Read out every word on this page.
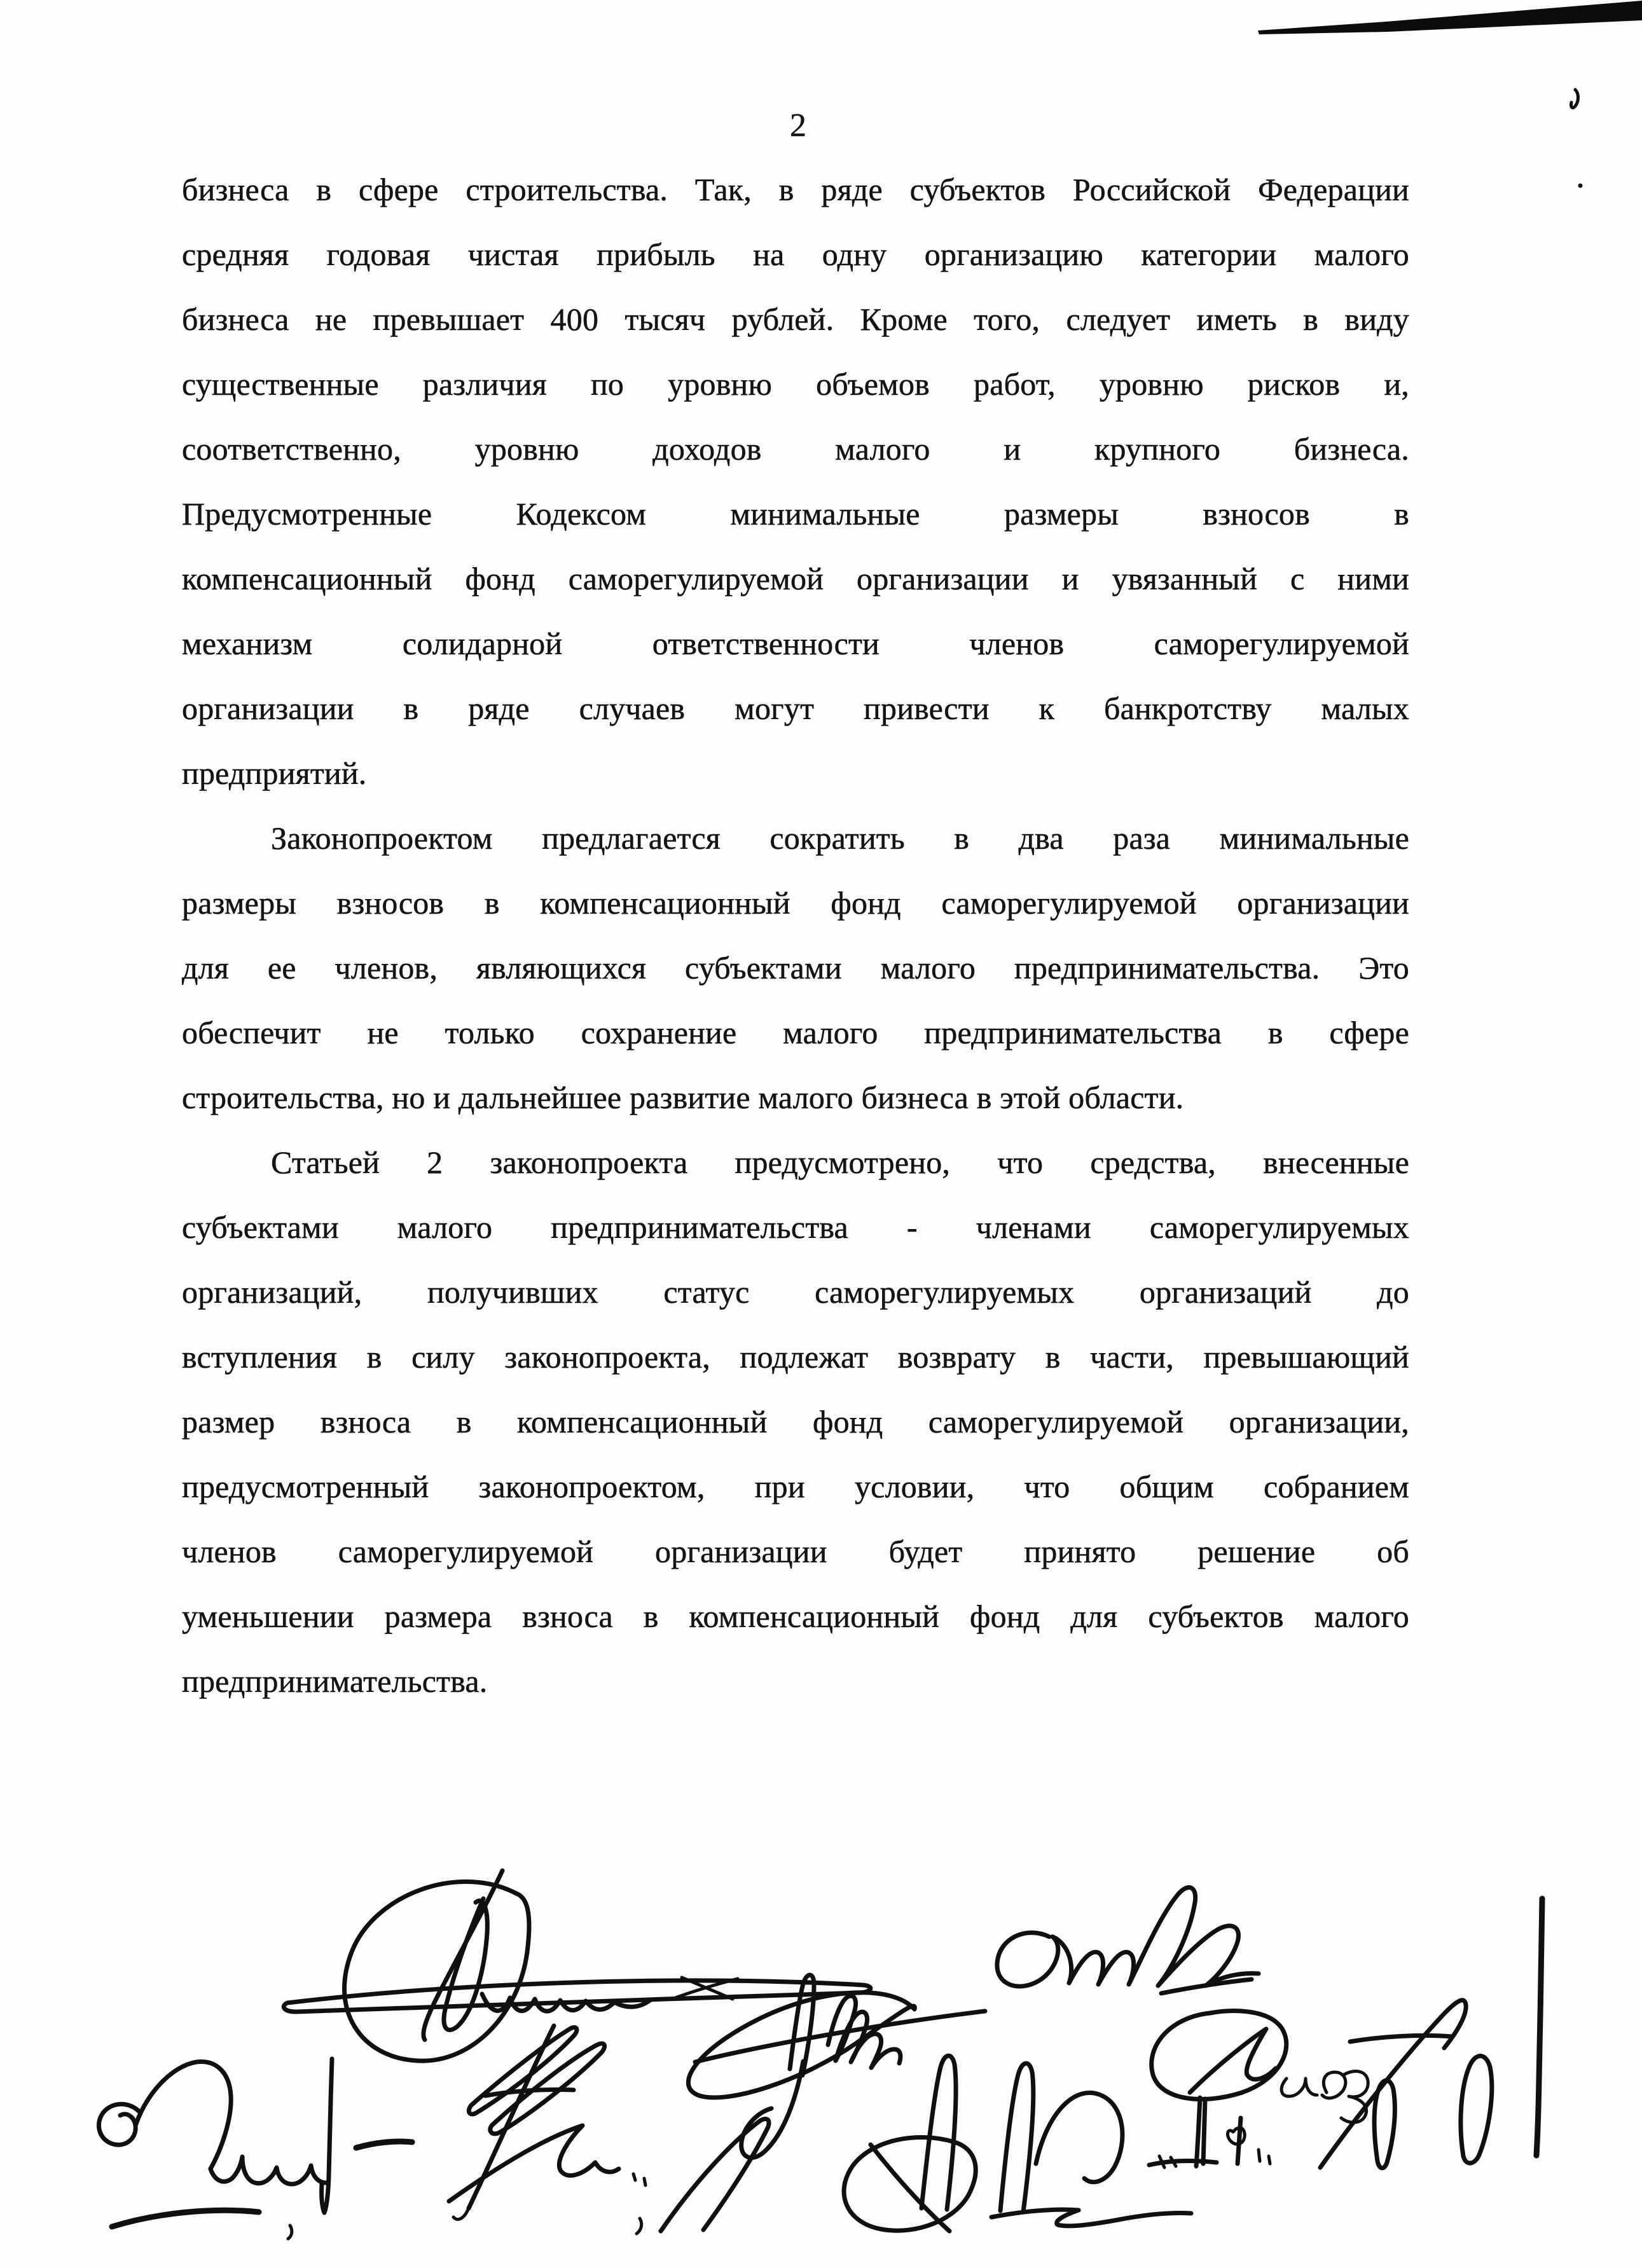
2
бизнеса в сфере строительства. Так, в ряде субъектов Российской Федерации
средняя годовая чистая прибыль на одну организацию категории малого
бизнеса не превышает 400 тысяч рублей. Кроме того, следует иметь в виду
существенные различия по уровню объемов работ, уровню рисков и,
соответственно, уровню доходов малого и крупного бизнеса.
Предусмотренные Кодексом минимальные размеры взносов в
компенсационный фонд саморегулируемой организации и увязанный с ними
механизм солидарной ответственности членов саморегулируемой
организации в ряде случаев могут привести к банкротству малых
предприятий.
Законопроектом предлагается сократить в два раза минимальные
размеры взносов в компенсационный фонд саморегулируемой организации
для ее членов, являющихся субъектами малого предпринимательства. Это
обеспечит не только сохранение малого предпринимательства в сфере
строительства, но и дальнейшее развитие малого бизнеса в этой области.
Статьей 2 законопроекта предусмотрено, что средства, внесенные
субъектами малого предпринимательства - членами саморегулируемых
организаций, получивших статус саморегулируемых организаций до
вступления в силу законопроекта, подлежат возврату в части, превышающий
размер взноса в компенсационный фонд саморегулируемой организации,
предусмотренный законопроектом, при условии, что общим собранием
членов саморегулируемой организации будет принято решение об
уменьшении размера взноса в компенсационный фонд для субъектов малого
предпринимательства.
